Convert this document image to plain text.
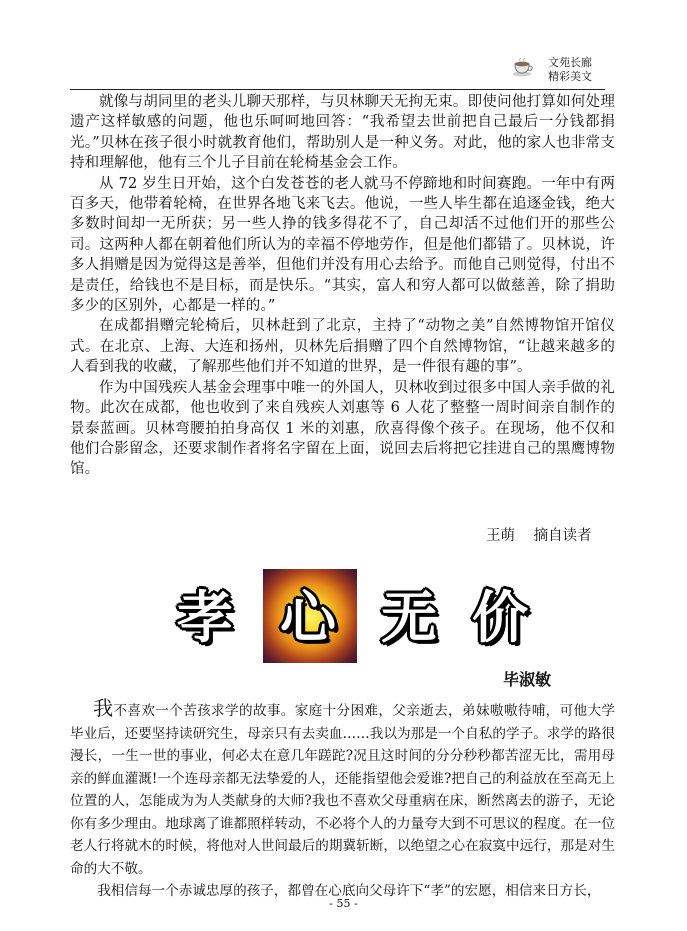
文苑长廊
精彩美文

就像与胡同里的老头儿聊天那样，与贝林聊天无拘无束。即使问他打算如何处理遗产这样敏感的问题，他也乐呵呵地回答：“我希望去世前把自己最后一分钱都捐光。”贝林在孩子很小时就教育他们，帮助别人是一种义务。对此，他的家人也非常支持和理解他，他有三个儿子目前在轮椅基金会工作。

从 72 岁生日开始，这个白发苍苍的老人就马不停蹄地和时间赛跑。一年中有两百多天，他带着轮椅，在世界各地飞来飞去。他说，一些人毕生都在追逐金钱，绝大多数时间却一无所获；另一些人挣的钱多得花不了，自己却活不过他们开的那些公司。这两种人都在朝着他们所认为的幸福不停地劳作，但是他们都错了。贝林说，许多人捐赠是因为觉得这是善举，但他们并没有用心去给予。而他自己则觉得，付出不是责任，给钱也不是目标，而是快乐。“其实，富人和穷人都可以做慈善，除了捐助多少的区别外，心都是一样的。”

在成都捐赠完轮椅后，贝林赶到了北京，主持了“动物之美”自然博物馆开馆仪式。在北京、上海、大连和扬州，贝林先后捐赠了四个自然博物馆，“让越来越多的人看到我的收藏，了解那些他们并不知道的世界，是一件很有趣的事”。

作为中国残疾人基金会理事中唯一的外国人，贝林收到过很多中国人亲手做的礼物。此次在成都，他也收到了来自残疾人刘惠等 6 人花了整整一周时间亲自制作的景泰蓝画。贝林弯腰拍拍身高仅 1 米的刘惠，欣喜得像个孩子。在现场，他不仅和他们合影留念，还要求制作者将名字留在上面，说回去后将把它挂进自己的黑鹰博物馆。

王萌 摘自读者
孝 心 无 价
毕淑敏

我不喜欢一个苦孩求学的故事。家庭十分困难，父亲逝去，弟妹嗷嗷待哺，可他大学毕业后，还要坚持读研究生，母亲只有去卖血……我以为那是一个自私的学子。求学的路很漫长，一生一世的事业，何必太在意几年蹉跎?况且这时间的分分秒秒都苦涩无比，需用母亲的鲜血灌溉!一个连母亲都无法挚爱的人，还能指望他会爱谁?把自己的利益放在至高无上位置的人，怎能成为为人类献身的大师?我也不喜欢父母重病在床，断然离去的游子，无论你有多少理由。地球离了谁都照样转动，不必将个人的力量夸大到不可思议的程度。在一位老人行将就木的时候，将他对人世间最后的期冀斩断，以绝望之心在寂寞中远行，那是对生命的大不敬。

我相信每一个赤诚忠厚的孩子，都曾在心底向父母许下“孝”的宏愿，相信来日方长，

- 55 -
